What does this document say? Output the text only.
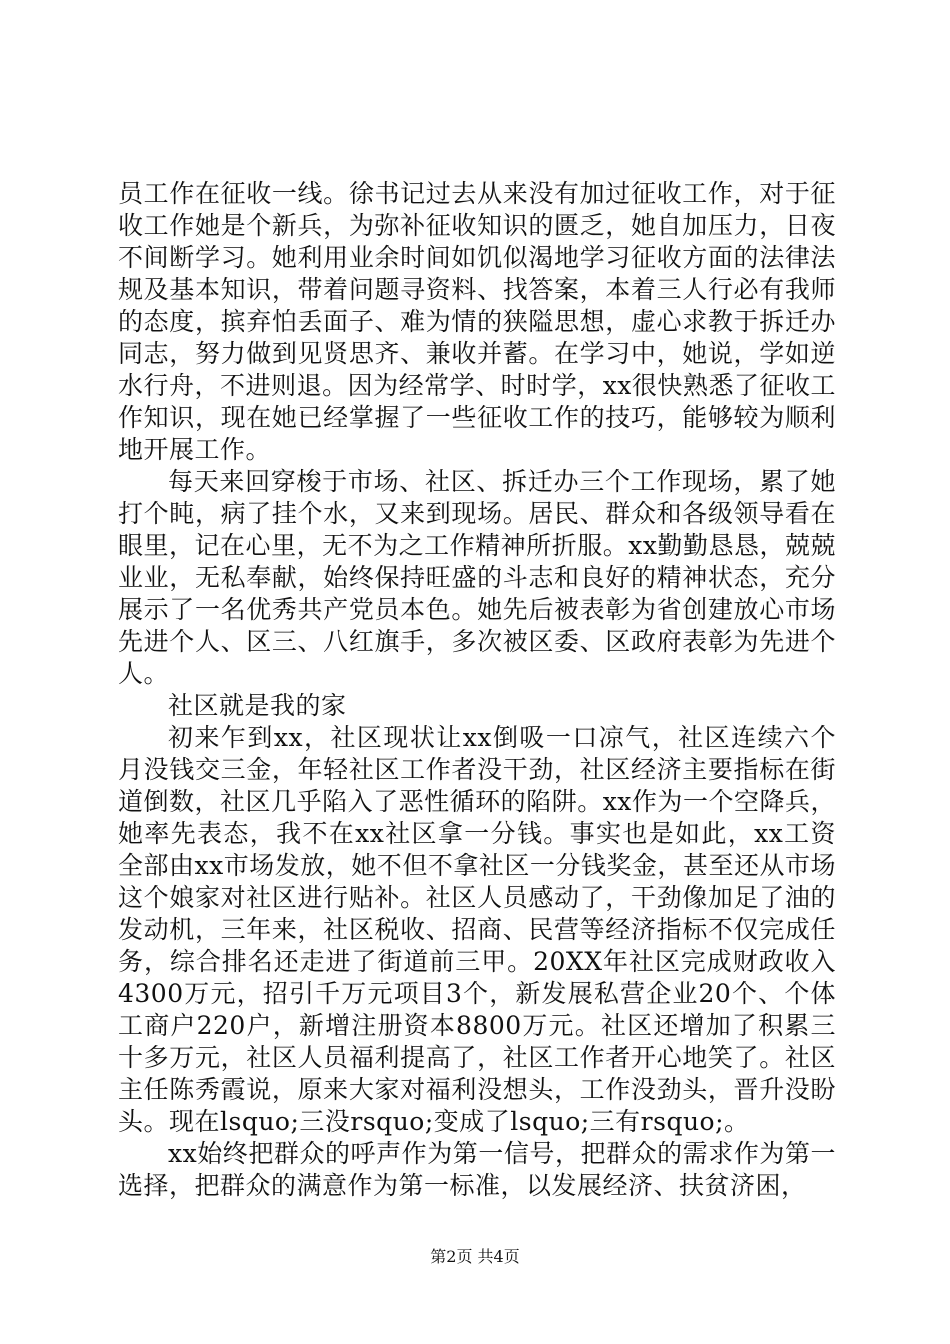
员工作在征收一线。徐书记过去从来没有加过征收工作，对于征收工作她是个新兵，为弥补征收知识的匮乏，她自加压力，日夜不间断学习。她利用业余时间如饥似渴地学习征收方面的法律法规及基本知识，带着问题寻资料、找答案，本着三人行必有我师的态度，摈弃怕丢面子、难为情的狭隘思想，虚心求教于拆迁办同志，努力做到见贤思齐、兼收并蓄。在学习中，她说，学如逆水行舟，不进则退。因为经常学、时时学，xx很快熟悉了征收工作知识，现在她已经掌握了一些征收工作的技巧，能够较为顺利地开展工作。

每天来回穿梭于市场、社区、拆迁办三个工作现场，累了她打个盹，病了挂个水，又来到现场。居民、群众和各级领导看在眼里，记在心里，无不为之工作精神所折服。xx勤勤恳恳，兢兢业业，无私奉献，始终保持旺盛的斗志和良好的精神状态，充分展示了一名优秀共产党员本色。她先后被表彰为省创建放心市场先进个人、区三、八红旗手，多次被区委、区政府表彰为先进个人。

社区就是我的家

初来乍到xx，社区现状让xx倒吸一口凉气，社区连续六个月没钱交三金，年轻社区工作者没干劲，社区经济主要指标在街道倒数，社区几乎陷入了恶性循环的陷阱。xx作为一个空降兵，她率先表态，我不在xx社区拿一分钱。事实也是如此，xx工资全部由xx市场发放，她不但不拿社区一分钱奖金，甚至还从市场这个娘家对社区进行贴补。社区人员感动了，干劲像加足了油的发动机，三年来，社区税收、招商、民营等经济指标不仅完成任务，综合排名还走进了街道前三甲。20XX年社区完成财政收入4300万元，招引千万元项目3个，新发展私营企业20个、个体工商户220户，新增注册资本8800万元。社区还增加了积累三十多万元，社区人员福利提高了，社区工作者开心地笑了。社区主任陈秀霞说，原来大家对福利没想头，工作没劲头，晋升没盼头。现在lsquo;三没rsquo;变成了lsquo;三有rsquo;。

xx始终把群众的呼声作为第一信号，把群众的需求作为第一选择，把群众的满意作为第一标准，以发展经济、扶贫济困，

第2页 共4页
